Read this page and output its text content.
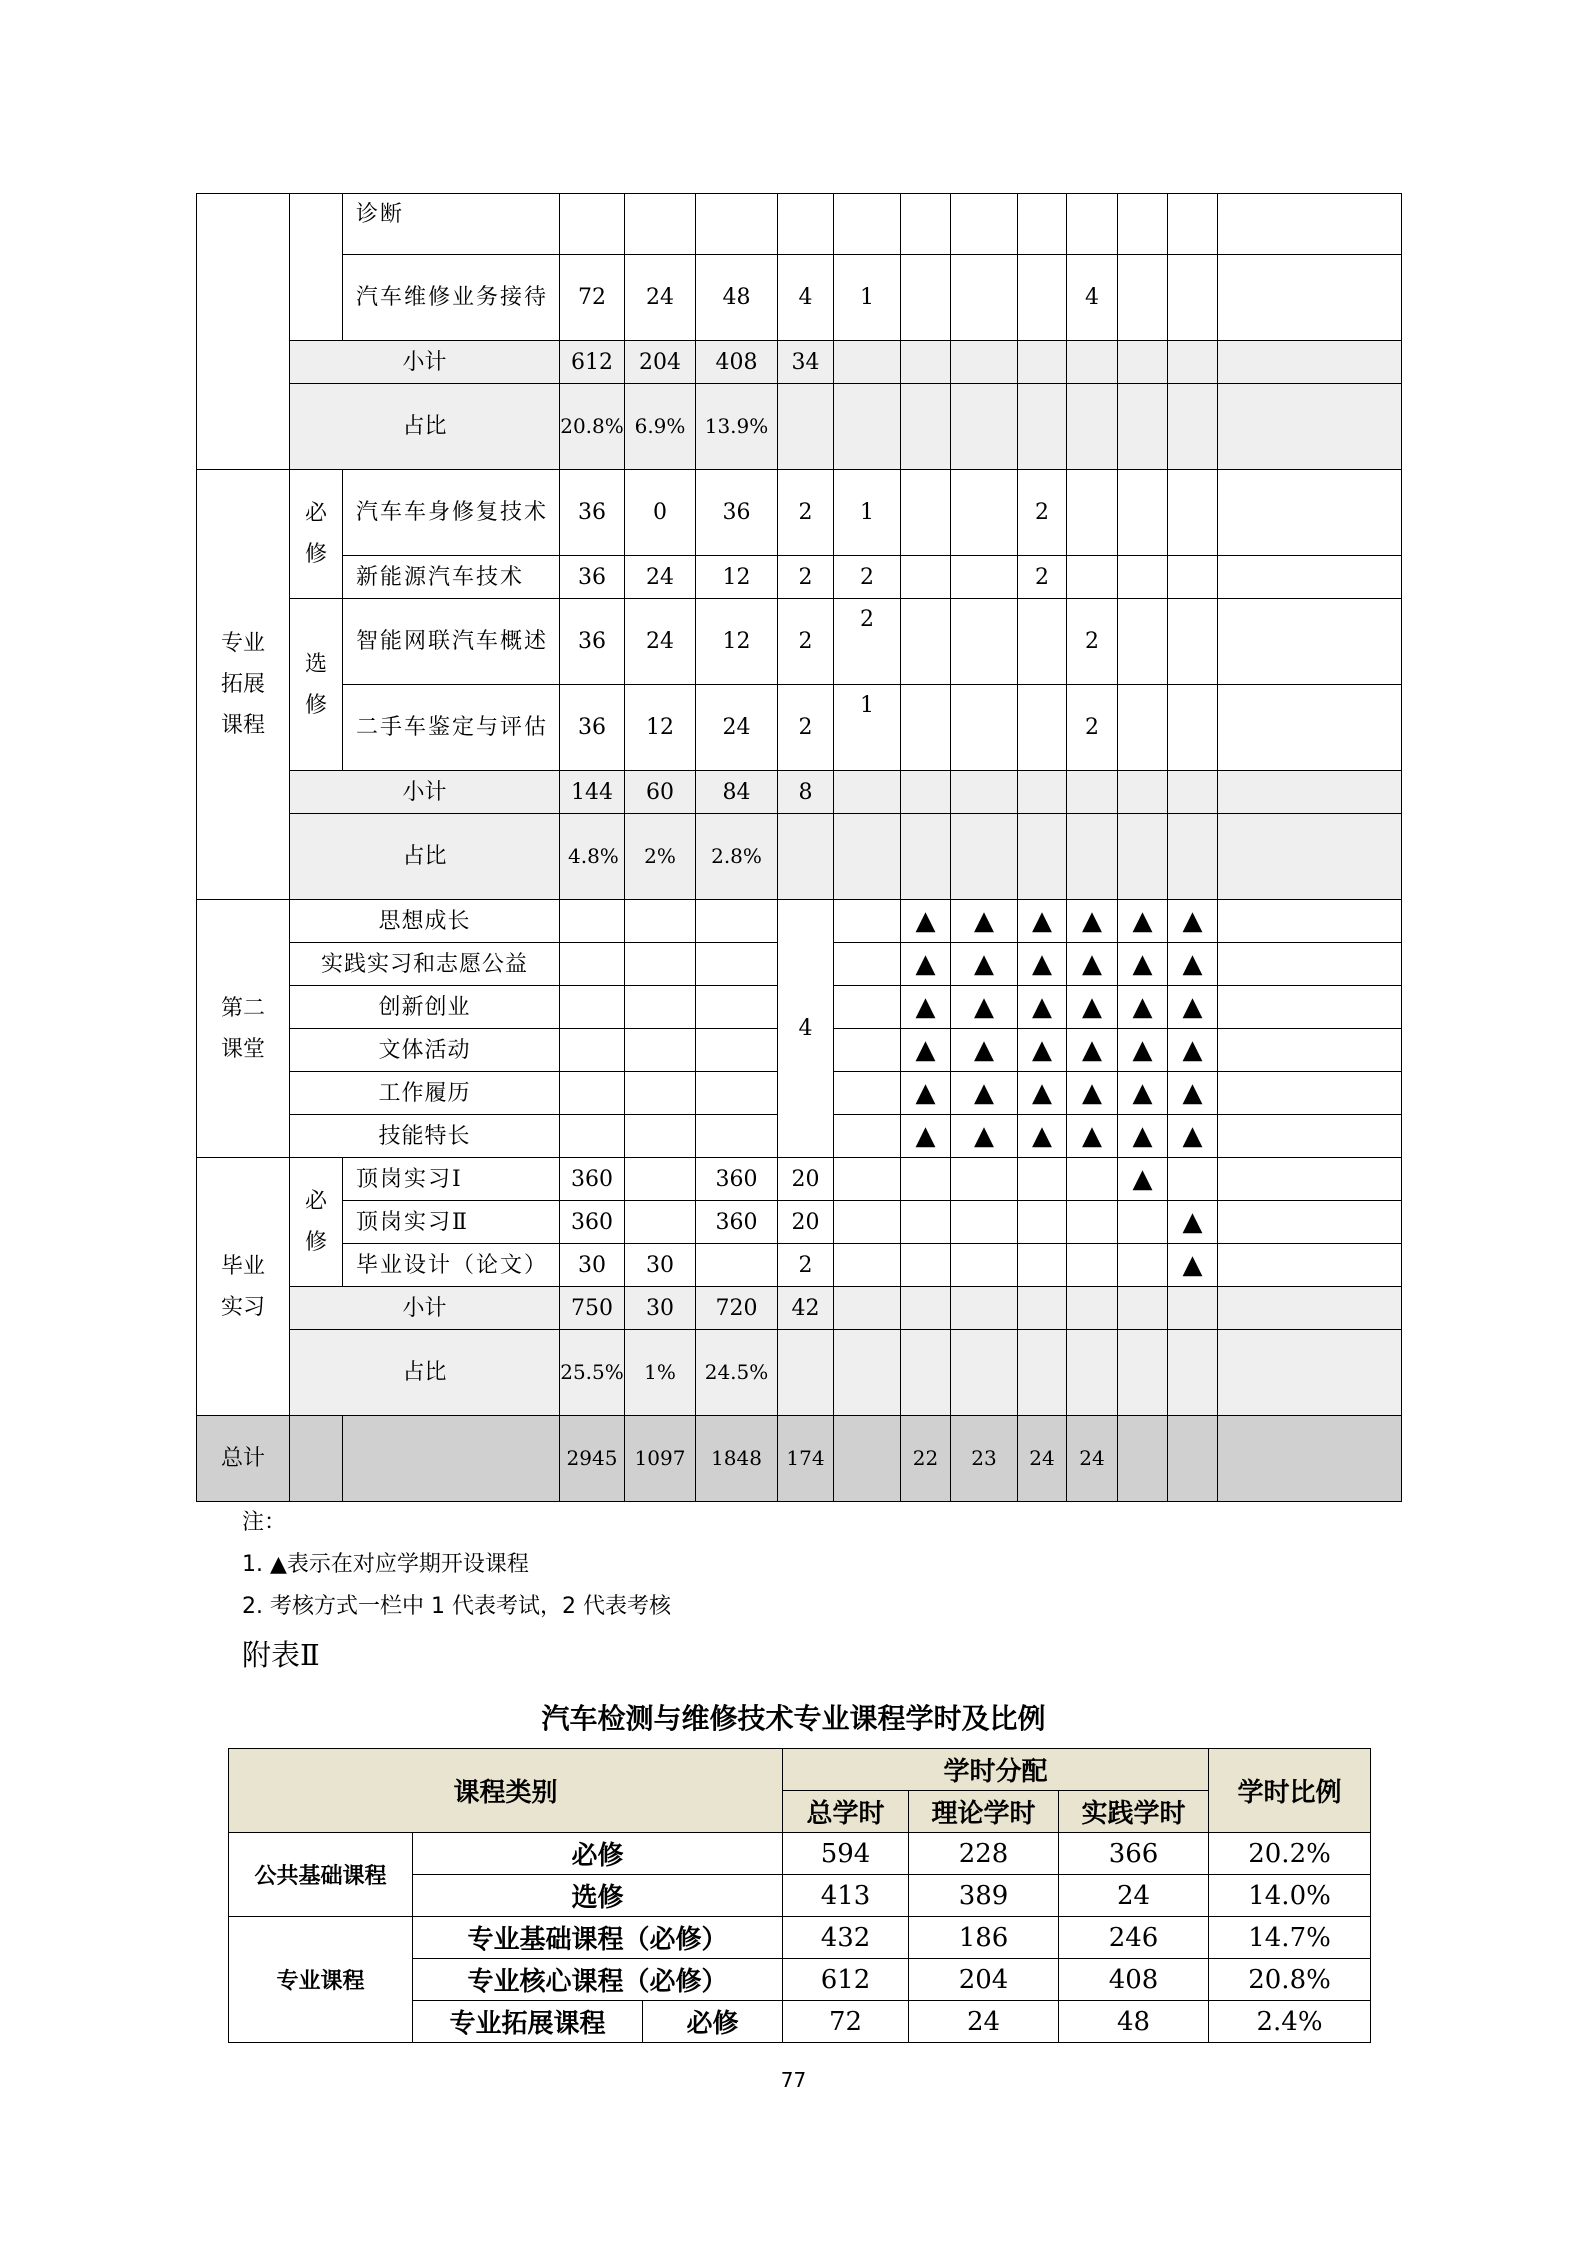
		诊断												
		汽车维修业务接待	72	24	48	4	1				4			
	小计		612	204	408	34								
	占比		20.8%	6.9%	13.9%									
专业拓展课程	必修	汽车车身修复技术	36	0	36	2	1			2				
		新能源汽车技术	36	24	12	2	2			2				
	选修	智能网联汽车概述	36	24	12	2	2				2			
		二手车鉴定与评估	36	12	24	2	1				2			
	小计		144	60	84	8								
	占比		4.8%	2%	2.8%									
第二课堂	思想成长					4		▲	▲	▲	▲	▲	▲	
	实践实习和志愿公益							▲	▲	▲	▲	▲	▲	
	创新创业							▲	▲	▲	▲	▲	▲	
	文体活动							▲	▲	▲	▲	▲	▲	
	工作履历							▲	▲	▲	▲	▲	▲	
	技能特长							▲	▲	▲	▲	▲	▲	
毕业实习	必修	顶岗实习Ⅰ	360		360	20						▲		
		顶岗实习Ⅱ	360		360	20							▲	
		毕业设计（论文）	30	30		2							▲	
	小计		750	30	720	42								
	占比		25.5%	1%	24.5%									
总计			2945	1097	1848	174		22	23	24	24			
注：
1. ▲表示在对应学期开设课程
2. 考核方式一栏中 1 代表考试，2 代表考核
附表Ⅱ
汽车检测与维修技术专业课程学时及比例
课程类别			学时分配			学时比例
			总学时	理论学时	实践学时	
公共基础课程	必修		594	228	366	20.2%
	选修		413	389	24	14.0%
专业课程	专业基础课程（必修）		432	186	246	14.7%
	专业核心课程（必修）		612	204	408	20.8%
	专业拓展课程	必修	72	24	48	2.4%
77
